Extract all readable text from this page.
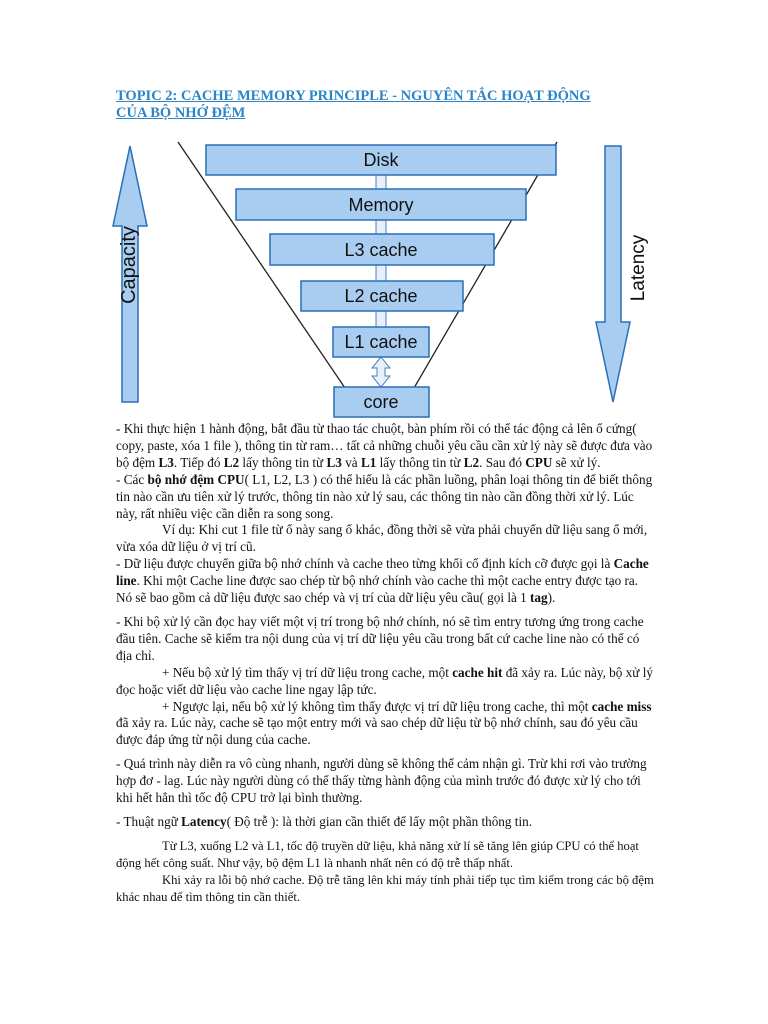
TOPIC 2: CACHE MEMORY PRINCIPLE - NGUYÊN TẮC HOẠT ĐỘNG
CỦA BỘ NHỚ ĐỆM
Capacity	Latency
Disk
Memory
L3 cache
L2 cache
L1 cache
core

- Khi thực hiện 1 hành động, bắt đầu từ thao tác chuột, bàn phím rồi có thể tác động cả lên ổ cứng( copy, paste, xóa 1 file ), thông tin từ ram… tất cả những chuỗi yêu cầu cần xử lý này sẽ được đưa vào bộ đệm L3. Tiếp đó L2 lấy thông tin từ L3 và L1 lấy thông tin từ L2. Sau đó CPU sẽ xử lý.

- Các bộ nhớ đệm CPU( L1, L2, L3 ) có thể hiểu là các phần luồng, phân loại thông tin để biết thông tin nào cần ưu tiên xử lý trước, thông tin nào xử lý sau, các thông tin nào cần đồng thời xử lý. Lúc này, rất nhiều việc cần diễn ra song song.

Ví dụ: Khi cut 1 file từ ổ này sang ổ khác, đồng thời sẽ vừa phải chuyển dữ liệu sang ổ mới, vừa xóa dữ liệu ở vị trí cũ.

- Dữ liệu được chuyển giữa bộ nhớ chính và cache theo từng khối cố định kích cỡ được gọi là Cache line. Khi một Cache line được sao chép từ bộ nhớ chính vào cache thì một cache entry được tạo ra. Nó sẽ bao gồm cả dữ liệu được sao chép và vị trí của dữ liệu yêu cầu( gọi là 1 tag).

- Khi bộ xử lý cần đọc hay viết một vị trí trong bộ nhớ chính, nó sẽ tìm entry tương ứng trong cache đầu tiên. Cache sẽ kiểm tra nội dung của vị trí dữ liệu yêu cầu trong bất cứ cache line nào có thể có địa chỉ.

+ Nếu bộ xử lý tìm thấy vị trí dữ liệu trong cache, một cache hit đã xảy ra. Lúc này, bộ xử lý đọc hoặc viết dữ liệu vào cache line ngay lập tức.

+ Ngược lại, nếu bộ xử lý không tìm thấy được vị trí dữ liệu trong cache, thì một cache miss đã xảy ra. Lúc này, cache sẽ tạo một entry mới và sao chép dữ liệu từ bộ nhớ chính, sau đó yêu cầu được đáp ứng từ nội dung của cache.

- Quá trình này diễn ra vô cùng nhanh, người dùng sẽ không thể cảm nhận gì. Trừ khi rơi vào trường hợp đơ - lag. Lúc này người dùng có thể thấy từng hành động của mình trước đó được xử lý cho tới khi hết hẳn thì tốc độ CPU trở lại bình thường.

- Thuật ngữ Latency( Độ trễ ): là thời gian cần thiết để lấy một phần thông tin.

Từ L3, xuống L2 và L1, tốc độ truyền dữ liệu, khả năng xử lí sẽ tăng lên giúp CPU có thể hoạt động hết công suất. Như vậy, bộ đệm L1 là nhanh nhất nên có độ trễ thấp nhất.

Khi xảy ra lỗi bộ nhớ cache. Độ trễ tăng lên khi máy tính phải tiếp tục tìm kiếm trong các bộ đệm khác nhau để tìm thông tin cần thiết.
